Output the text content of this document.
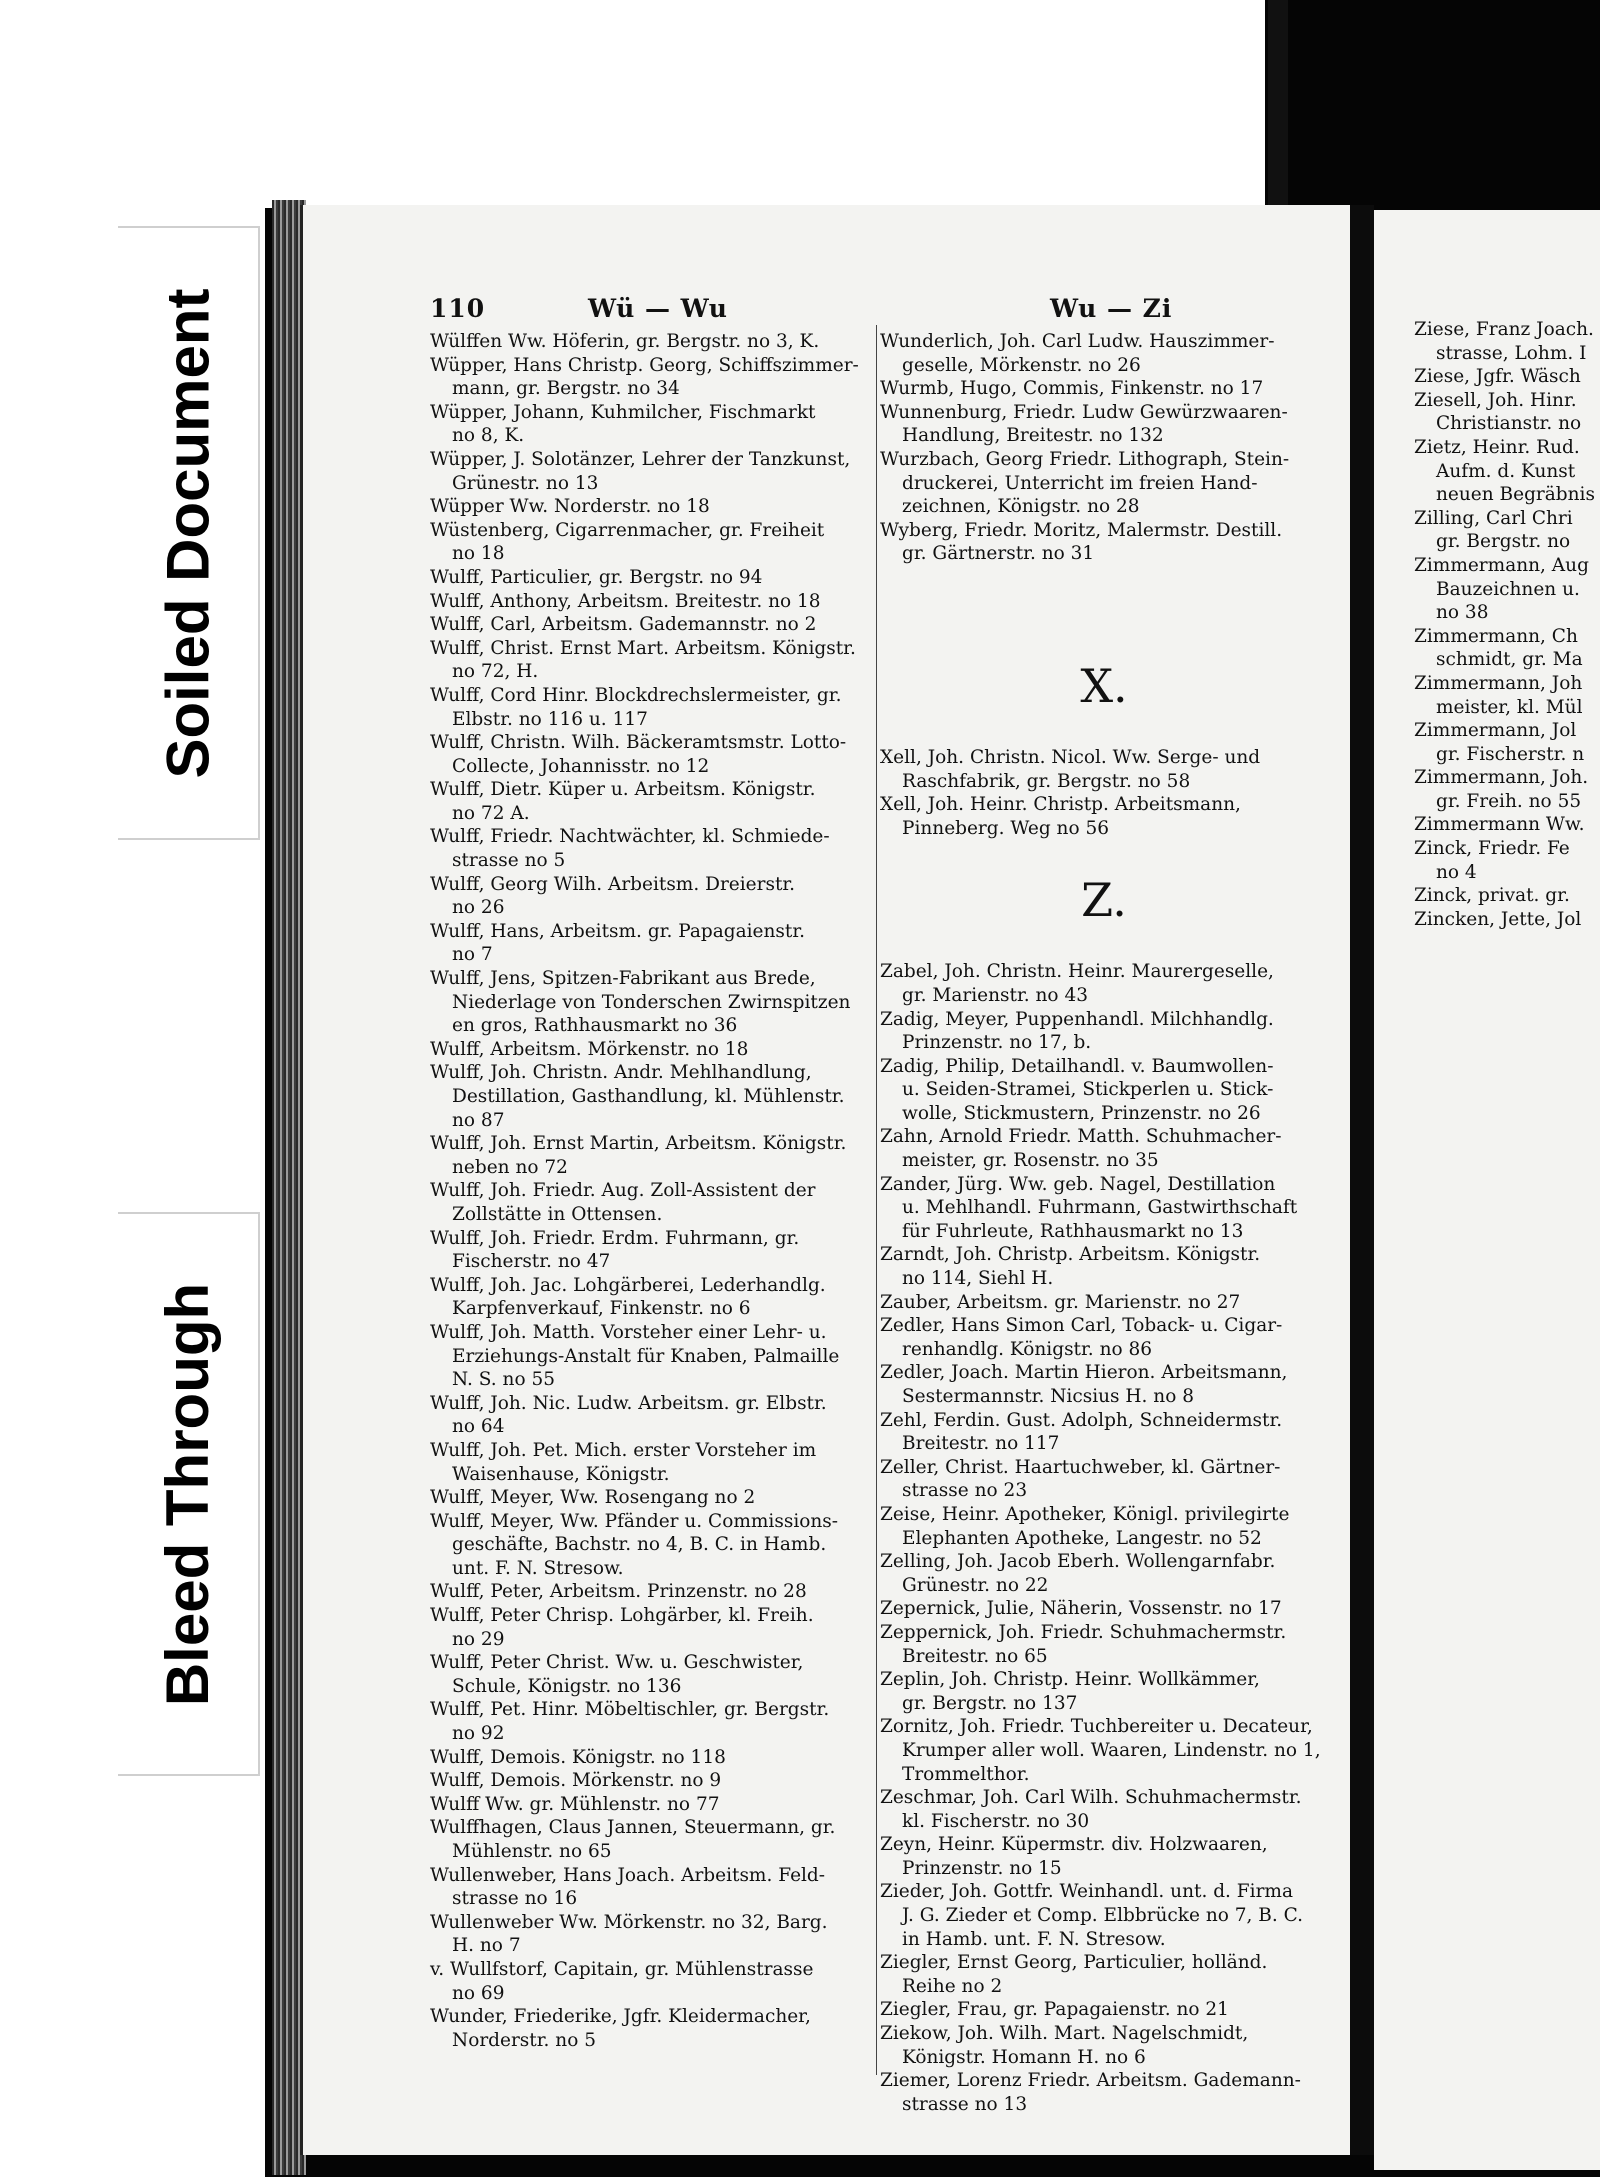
Soiled Document
Bleed Through
110	Wü — Wu	Wu — Zi
Wülffen Ww. Höferin, gr. Bergstr. no 3, K.
Wüpper, Hans Christp. Georg, Schiffszimmer-
mann, gr. Bergstr. no 34
Wüpper, Johann, Kuhmilcher, Fischmarkt
no 8, K.
Wüpper, J. Solotänzer, Lehrer der Tanzkunst,
Grünestr. no 13
Wüpper Ww. Norderstr. no 18
Wüstenberg, Cigarrenmacher, gr. Freiheit
no 18
Wulff, Particulier, gr. Bergstr. no 94
Wulff, Anthony, Arbeitsm. Breitestr. no 18
Wulff, Carl, Arbeitsm. Gademannstr. no 2
Wulff, Christ. Ernst Mart. Arbeitsm. Königstr.
no 72, H.
Wulff, Cord Hinr. Blockdrechslermeister, gr.
Elbstr. no 116 u. 117
Wulff, Christn. Wilh. Bäckeramtsmstr. Lotto-
Collecte, Johannisstr. no 12
Wulff, Dietr. Küper u. Arbeitsm. Königstr.
no 72 A.
Wulff, Friedr. Nachtwächter, kl. Schmiede-
strasse no 5
Wulff, Georg Wilh. Arbeitsm. Dreierstr.
no 26
Wulff, Hans, Arbeitsm. gr. Papagaienstr.
no 7
Wulff, Jens, Spitzen-Fabrikant aus Brede,
Niederlage von Tonderschen Zwirnspitzen
en gros, Rathhausmarkt no 36
Wulff, Arbeitsm. Mörkenstr. no 18
Wulff, Joh. Christn. Andr. Mehlhandlung,
Destillation, Gasthandlung, kl. Mühlenstr.
no 87
Wulff, Joh. Ernst Martin, Arbeitsm. Königstr.
neben no 72
Wulff, Joh. Friedr. Aug. Zoll-Assistent der
Zollstätte in Ottensen.
Wulff, Joh. Friedr. Erdm. Fuhrmann, gr.
Fischerstr. no 47
Wulff, Joh. Jac. Lohgärberei, Lederhandlg.
Karpfenverkauf, Finkenstr. no 6
Wulff, Joh. Matth. Vorsteher einer Lehr- u.
Erziehungs-Anstalt für Knaben, Palmaille
N. S. no 55
Wulff, Joh. Nic. Ludw. Arbeitsm. gr. Elbstr.
no 64
Wulff, Joh. Pet. Mich. erster Vorsteher im
Waisenhause, Königstr.
Wulff, Meyer, Ww. Rosengang no 2
Wulff, Meyer, Ww. Pfänder u. Commissions-
geschäfte, Bachstr. no 4, B. C. in Hamb.
unt. F. N. Stresow.
Wulff, Peter, Arbeitsm. Prinzenstr. no 28
Wulff, Peter Chrisp. Lohgärber, kl. Freih.
no 29
Wulff, Peter Christ. Ww. u. Geschwister,
Schule, Königstr. no 136
Wulff, Pet. Hinr. Möbeltischler, gr. Bergstr.
no 92
Wulff, Demois. Königstr. no 118
Wulff, Demois. Mörkenstr. no 9
Wulff Ww. gr. Mühlenstr. no 77
Wulffhagen, Claus Jannen, Steuermann, gr.
Mühlenstr. no 65
Wullenweber, Hans Joach. Arbeitsm. Feld-
strasse no 16
Wullenweber Ww. Mörkenstr. no 32, Barg.
H. no 7
v. Wullfstorf, Capitain, gr. Mühlenstrasse
no 69
Wunder, Friederike, Jgfr. Kleidermacher,
Norderstr. no 5
Wunderlich, Joh. Carl Ludw. Hauszimmer-
geselle, Mörkenstr. no 26
Wurmb, Hugo, Commis, Finkenstr. no 17
Wunnenburg, Friedr. Ludw Gewürzwaaren-
Handlung, Breitestr. no 132
Wurzbach, Georg Friedr. Lithograph, Stein-
druckerei, Unterricht im freien Hand-
zeichnen, Königstr. no 28
Wyberg, Friedr. Moritz, Malermstr. Destill.
gr. Gärtnerstr. no 31
X.
Xell, Joh. Christn. Nicol. Ww. Serge- und
Raschfabrik, gr. Bergstr. no 58
Xell, Joh. Heinr. Christp. Arbeitsmann,
Pinneberg. Weg no 56
Z.
Zabel, Joh. Christn. Heinr. Maurergeselle,
gr. Marienstr. no 43
Zadig, Meyer, Puppenhandl. Milchhandlg.
Prinzenstr. no 17, b.
Zadig, Philip, Detailhandl. v. Baumwollen-
u. Seiden-Stramei, Stickperlen u. Stick-
wolle, Stickmustern, Prinzenstr. no 26
Zahn, Arnold Friedr. Matth. Schuhmacher-
meister, gr. Rosenstr. no 35
Zander, Jürg. Ww. geb. Nagel, Destillation
u. Mehlhandl. Fuhrmann, Gastwirthschaft
für Fuhrleute, Rathhausmarkt no 13
Zarndt, Joh. Christp. Arbeitsm. Königstr.
no 114, Siehl H.
Zauber, Arbeitsm. gr. Marienstr. no 27
Zedler, Hans Simon Carl, Toback- u. Cigar-
renhandlg. Königstr. no 86
Zedler, Joach. Martin Hieron. Arbeitsmann,
Sestermannstr. Nicsius H. no 8
Zehl, Ferdin. Gust. Adolph, Schneidermstr.
Breitestr. no 117
Zeller, Christ. Haartuchweber, kl. Gärtner-
strasse no 23
Zeise, Heinr. Apotheker, Königl. privilegirte
Elephanten Apotheke, Langestr. no 52
Zelling, Joh. Jacob Eberh. Wollengarnfabr.
Grünestr. no 22
Zepernick, Julie, Näherin, Vossenstr. no 17
Zeppernick, Joh. Friedr. Schuhmachermstr.
Breitestr. no 65
Zeplin, Joh. Christp. Heinr. Wollkämmer,
gr. Bergstr. no 137
Zornitz, Joh. Friedr. Tuchbereiter u. Decateur,
Krumper aller woll. Waaren, Lindenstr. no 1,
Trommelthor.
Zeschmar, Joh. Carl Wilh. Schuhmachermstr.
kl. Fischerstr. no 30
Zeyn, Heinr. Küpermstr. div. Holzwaaren,
Prinzenstr. no 15
Zieder, Joh. Gottfr. Weinhandl. unt. d. Firma
J. G. Zieder et Comp. Elbbrücke no 7, B. C.
in Hamb. unt. F. N. Stresow.
Ziegler, Ernst Georg, Particulier, holländ.
Reihe no 2
Ziegler, Frau, gr. Papagaienstr. no 21
Ziekow, Joh. Wilh. Mart. Nagelschmidt,
Königstr. Homann H. no 6
Ziemer, Lorenz Friedr. Arbeitsm. Gademann-
strasse no 13
Ziese, Franz Joach.
strasse, Lohm. I
Ziese, Jgfr. Wäsch
Ziesell, Joh. Hinr.
Christianstr. no
Zietz, Heinr. Rud.
Aufm. d. Kunst
neuen Begräbnis
Zilling, Carl Chri
gr. Bergstr. no
Zimmermann, Aug
Bauzeichnen u.
no 38
Zimmermann, Ch
schmidt, gr. Ma
Zimmermann, Joh
meister, kl. Mül
Zimmermann, Jol
gr. Fischerstr. n
Zimmermann, Joh.
gr. Freih. no 55
Zimmermann Ww.
Zinck, Friedr. Fe
no 4
Zinck, privat. gr.
Zincken, Jette, Jol
